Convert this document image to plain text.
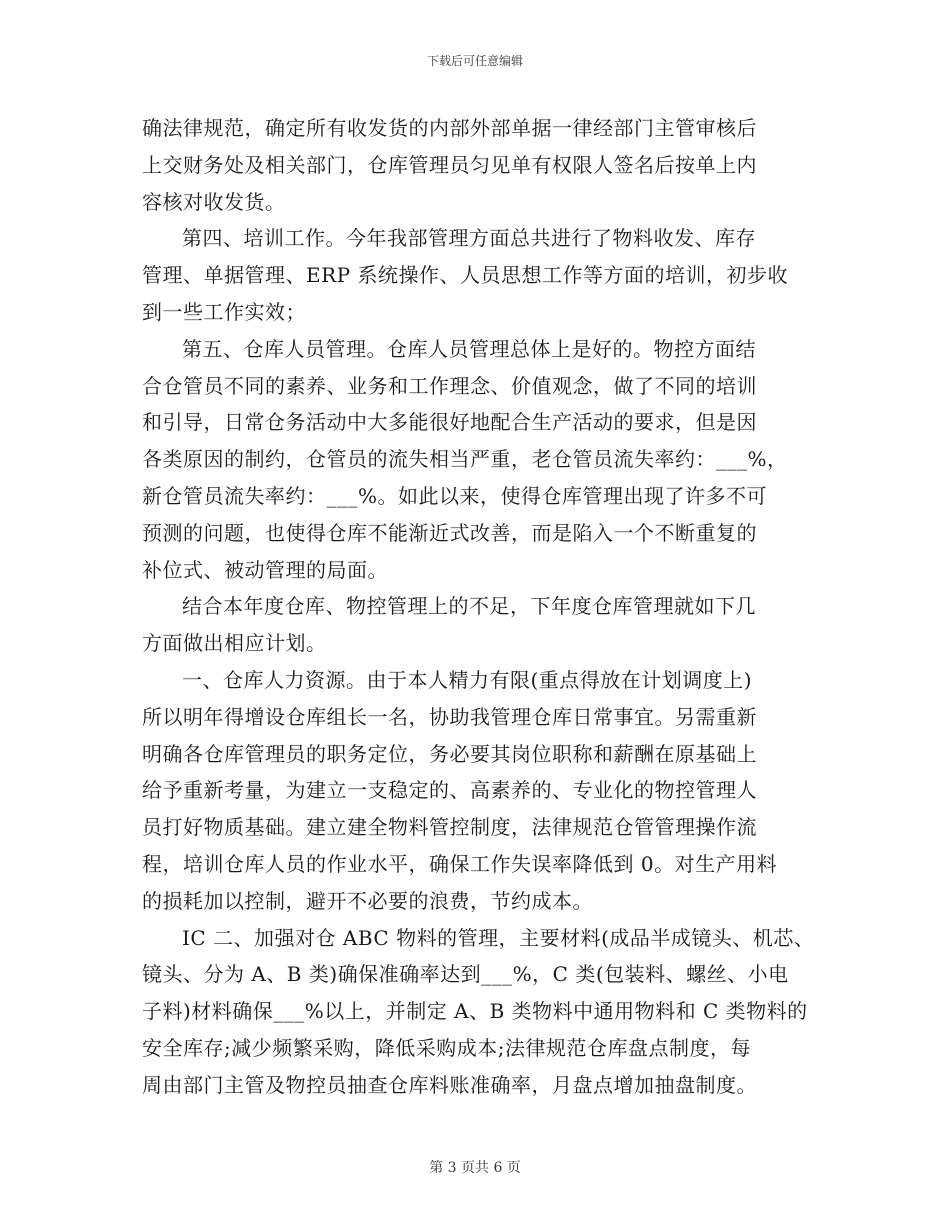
下载后可任意编辑
确法律规范，确定所有收发货的内部外部单据一律经部门主管审核后
上交财务处及相关部门，仓库管理员匀见单有权限人签名后按单上内
容核对收发货。
第四、培训工作。今年我部管理方面总共进行了物料收发、库存
管理、单据管理、ERP 系统操作、人员思想工作等方面的培训，初步收
到一些工作实效；
第五、仓库人员管理。仓库人员管理总体上是好的。物控方面结
合仓管员不同的素养、业务和工作理念、价值观念，做了不同的培训
和引导，日常仓务活动中大多能很好地配合生产活动的要求，但是因
各类原因的制约，仓管员的流失相当严重，老仓管员流失率约：___%，
新仓管员流失率约：___%。如此以来，使得仓库管理出现了许多不可
预测的问题，也使得仓库不能渐近式改善，而是陷入一个不断重复的
补位式、被动管理的局面。
结合本年度仓库、物控管理上的不足，下年度仓库管理就如下几
方面做出相应计划。
一、仓库人力资源。由于本人精力有限(重点得放在计划调度上)
所以明年得增设仓库组长一名，协助我管理仓库日常事宜。另需重新
明确各仓库管理员的职务定位，务必要其岗位职称和薪酬在原基础上
给予重新考量，为建立一支稳定的、高素养的、专业化的物控管理人
员打好物质基础。建立建全物料管控制度，法律规范仓管管理操作流
程，培训仓库人员的作业水平，确保工作失误率降低到 0。对生产用料
的损耗加以控制，避开不必要的浪费，节约成本。
IC 二、加强对仓 ABC 物料的管理，主要材料(成品半成镜头、机芯、
镜头、分为 A、B 类)确保准确率达到___%，C 类(包装料、螺丝、小电
子料)材料确保___%以上，并制定 A、B 类物料中通用物料和 C 类物料的
安全库存;减少频繁采购，降低采购成本;法律规范仓库盘点制度，每
周由部门主管及物控员抽查仓库料账准确率，月盘点增加抽盘制度。
第 3 页共 6 页
